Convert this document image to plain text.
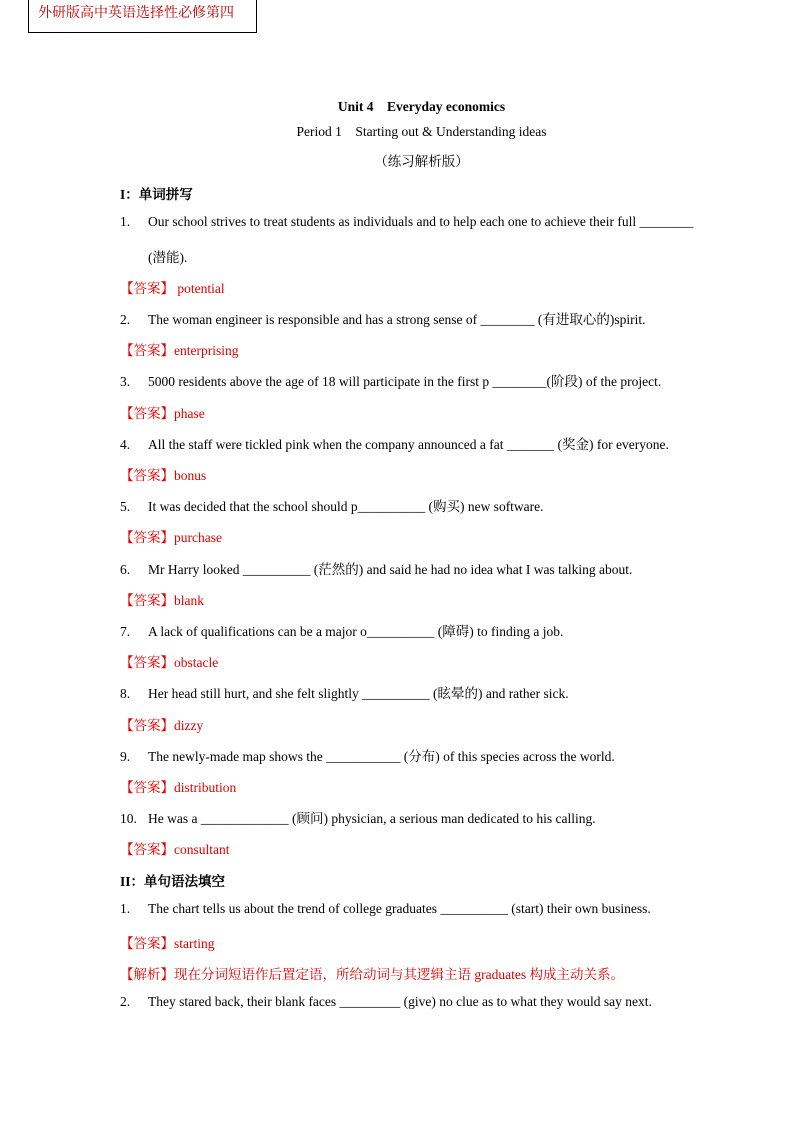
外研版高中英语选择性必修第四
Unit 4　Everyday economics
Period 1　Starting out & Understanding ideas
（练习解析版）
I：单词拼写
1. Our school strives to treat students as individuals and to help each one to achieve their full ________
(潜能).
【答案】 potential
2. The woman engineer is responsible and has a strong sense of ________ (有进取心的)spirit.
【答案】enterprising
3. 5000 residents above the age of 18 will participate in the first p ________(阶段) of the project.
【答案】phase
4. All the staff were tickled pink when the company announced a fat _______ (奖金) for everyone.
【答案】bonus
5. It was decided that the school should p__________ (购买) new software.
【答案】purchase
6. Mr Harry looked __________ (茫然的) and said he had no idea what I was talking about.
【答案】blank
7. A lack of qualifications can be a major o__________ (障碍) to finding a job.
【答案】obstacle
8. Her head still hurt, and she felt slightly __________ (眩晕的) and rather sick.
【答案】dizzy
9. The newly-made map shows the ___________ (分布) of this species across the world.
【答案】distribution
10. He was a _____________ (顾问) physician, a serious man dedicated to his calling.
【答案】consultant
II：单句语法填空
1. The chart tells us about the trend of college graduates __________ (start) their own business.
【答案】starting
【解析】现在分词短语作后置定语，所给动词与其逻辑主语 graduates 构成主动关系。
2. They stared back, their blank faces _________ (give) no clue as to what they would say next.
